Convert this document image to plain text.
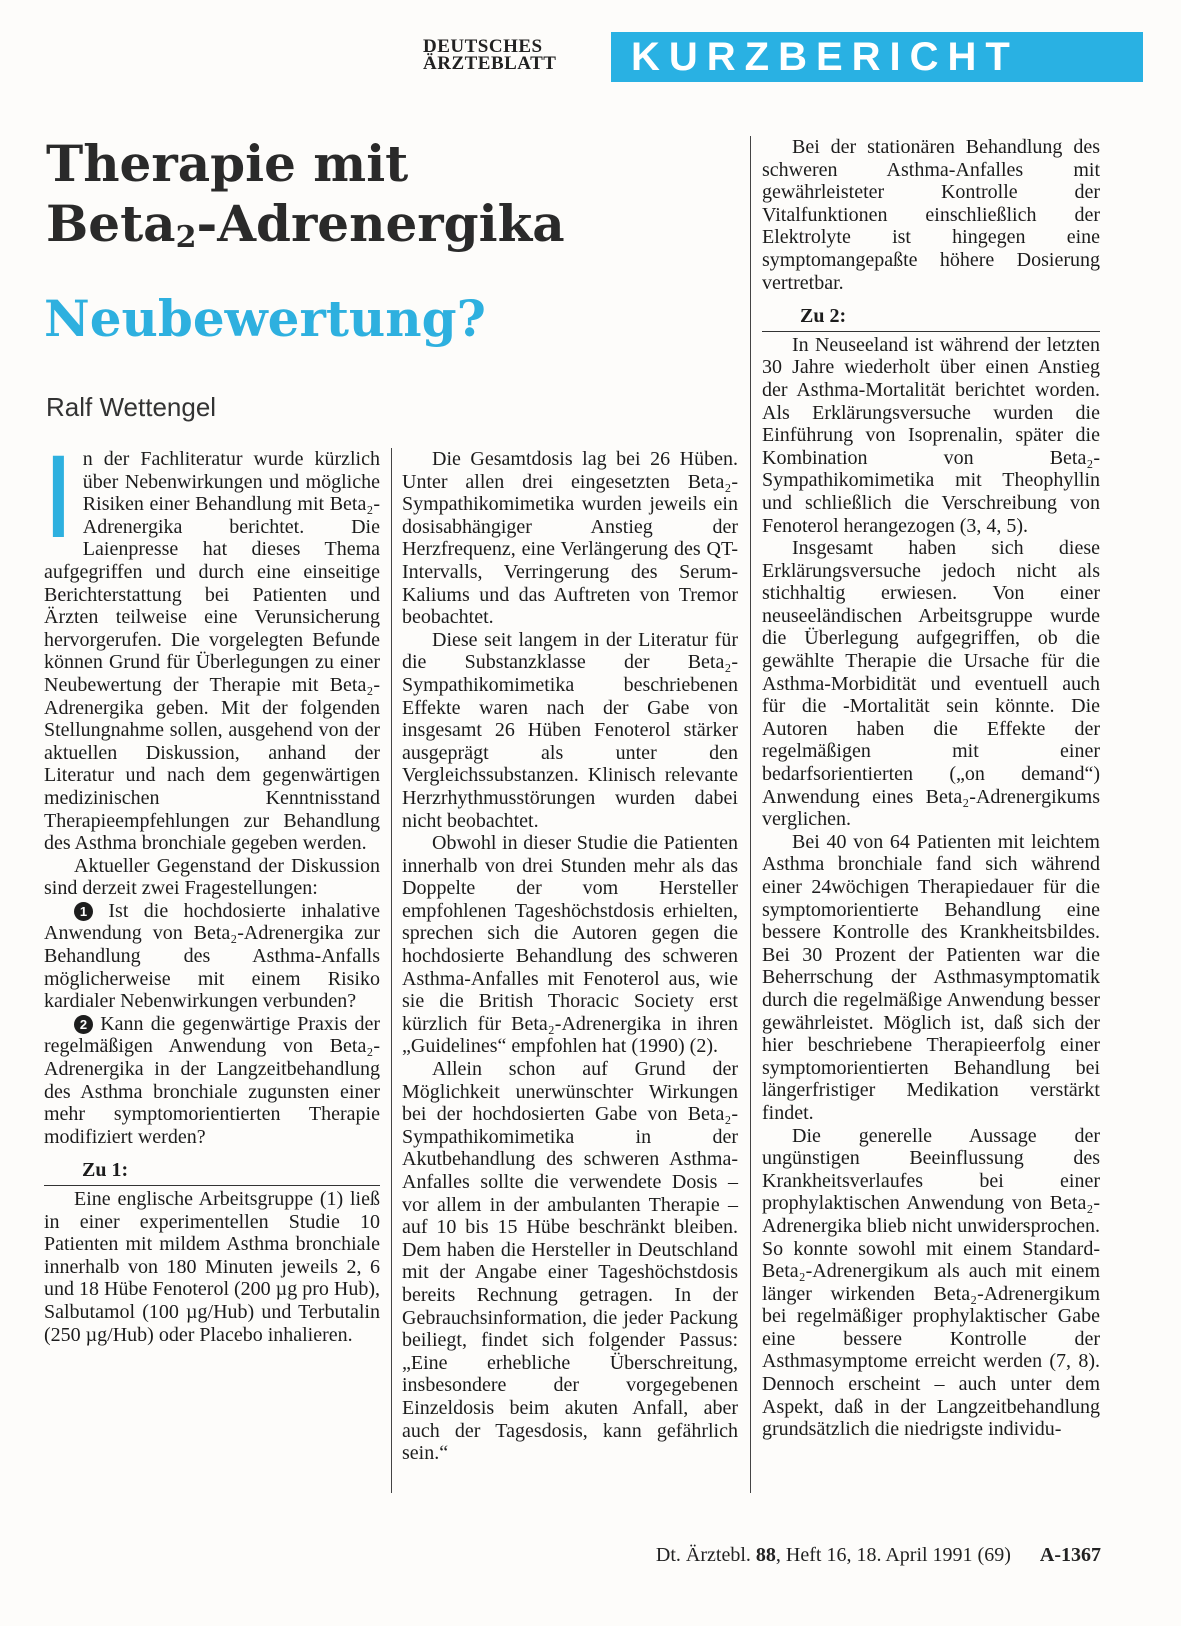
DEUTSCHES
ÄRZTEBLATT	KURZBERICHT
Therapie mit
Beta$_2$-Adrenergika
Neubewertung?
Ralf Wettengel

In der Fachliteratur wurde kürzlich über Nebenwirkungen und mögliche Risiken einer Behandlung mit Beta₂-Adrenergika berichtet. Die Laienpresse hat dieses Thema aufgegriffen und durch eine einseitige Berichterstattung bei Patienten und Ärzten teilweise eine Verunsicherung hervorgerufen. Die vorgelegten Befunde können Grund für Überlegungen zu einer Neubewertung der Therapie mit Beta₂-Adrenergika geben. Mit der folgenden Stellungnahme sollen, ausgehend von der aktuellen Diskussion, anhand der Literatur und nach dem gegenwärtigen medizinischen Kenntnisstand Therapieempfehlungen zur Behandlung des Asthma bronchiale gegeben werden.

Aktueller Gegenstand der Diskussion sind derzeit zwei Fragestellungen:

1 Ist die hochdosierte inhalative Anwendung von Beta₂-Adrenergika zur Behandlung des Asthma-Anfalls möglicherweise mit einem Risiko kardialer Nebenwirkungen verbunden?

2 Kann die gegenwärtige Praxis der regelmäßigen Anwendung von Beta₂-Adrenergika in der Langzeitbehandlung des Asthma bronchiale zugunsten einer mehr symptomorientierten Therapie modifiziert werden?

Zu 1:

Eine englische Arbeitsgruppe (1) ließ in einer experimentellen Studie 10 Patienten mit mildem Asthma bronchiale innerhalb von 180 Minuten jeweils 2, 6 und 18 Hübe Fenoterol (200 µg pro Hub), Salbutamol (100 µg/Hub) und Terbutalin (250 µg/Hub) oder Placebo inhalieren.

Die Gesamtdosis lag bei 26 Hüben. Unter allen drei eingesetzten Beta₂-Sympathikomimetika wurden jeweils ein dosisabhängiger Anstieg der Herzfrequenz, eine Verlängerung des QT-Intervalls, Verringerung des Serum-Kaliums und das Auftreten von Tremor beobachtet.

Diese seit langem in der Literatur für die Substanzklasse der Beta₂-Sympathikomimetika beschriebenen Effekte waren nach der Gabe von insgesamt 26 Hüben Fenoterol stärker ausgeprägt als unter den Vergleichssubstanzen. Klinisch relevante Herzrhythmusstörungen wurden dabei nicht beobachtet.

Obwohl in dieser Studie die Patienten innerhalb von drei Stunden mehr als das Doppelte der vom Hersteller empfohlenen Tageshöchstdosis erhielten, sprechen sich die Autoren gegen die hochdosierte Behandlung des schweren Asthma-Anfalles mit Fenoterol aus, wie sie die British Thoracic Society erst kürzlich für Beta₂-Adrenergika in ihren „Guidelines“ empfohlen hat (1990) (2).

Allein schon auf Grund der Möglichkeit unerwünschter Wirkungen bei der hochdosierten Gabe von Beta₂-Sympathikomimetika in der Akutbehandlung des schweren Asthma-Anfalles sollte die verwendete Dosis – vor allem in der ambulanten Therapie – auf 10 bis 15 Hübe beschränkt bleiben. Dem haben die Hersteller in Deutschland mit der Angabe einer Tageshöchstdosis bereits Rechnung getragen. In der Gebrauchsinformation, die jeder Packung beiliegt, findet sich folgender Passus: „Eine erhebliche Überschreitung, insbesondere der vorgegebenen Einzeldosis beim akuten Anfall, aber auch der Tagesdosis, kann gefährlich sein.“

Bei der stationären Behandlung des schweren Asthma-Anfalles mit gewährleisteter Kontrolle der Vitalfunktionen einschließlich der Elektrolyte ist hingegen eine symptomangepaßte höhere Dosierung vertretbar.

Zu 2:

In Neuseeland ist während der letzten 30 Jahre wiederholt über einen Anstieg der Asthma-Mortalität berichtet worden. Als Erklärungsversuche wurden die Einführung von Isoprenalin, später die Kombination von Beta₂-Sympathikomimetika mit Theophyllin und schließlich die Verschreibung von Fenoterol herangezogen (3, 4, 5).

Insgesamt haben sich diese Erklärungsversuche jedoch nicht als stichhaltig erwiesen. Von einer neuseeländischen Arbeitsgruppe wurde die Überlegung aufgegriffen, ob die gewählte Therapie die Ursache für die Asthma-Morbidität und eventuell auch für die -Mortalität sein könnte. Die Autoren haben die Effekte der regelmäßigen mit einer bedarfsorientierten („on demand“) Anwendung eines Beta₂-Adrenergikums verglichen.

Bei 40 von 64 Patienten mit leichtem Asthma bronchiale fand sich während einer 24wöchigen Therapiedauer für die symptomorientierte Behandlung eine bessere Kontrolle des Krankheitsbildes. Bei 30 Prozent der Patienten war die Beherrschung der Asthmasymptomatik durch die regelmäßige Anwendung besser gewährleistet. Möglich ist, daß sich der hier beschriebene Therapieerfolg einer symptomorientierten Behandlung bei längerfristiger Medikation verstärkt findet.

Die generelle Aussage der ungünstigen Beeinflussung des Krankheitsverlaufes bei einer prophylaktischen Anwendung von Beta₂-Adrenergika blieb nicht unwidersprochen. So konnte sowohl mit einem Standard-Beta₂-Adrenergikum als auch mit einem länger wirkenden Beta₂-Adrenergikum bei regelmäßiger prophylaktischer Gabe eine bessere Kontrolle der Asthmasymptome erreicht werden (7, 8). Dennoch erscheint – auch unter dem Aspekt, daß in der Langzeitbehandlung grundsätzlich die niedrigste individu-

Dt. Ärztebl. 88, Heft 16, 18. April 1991 (69) A-1367
